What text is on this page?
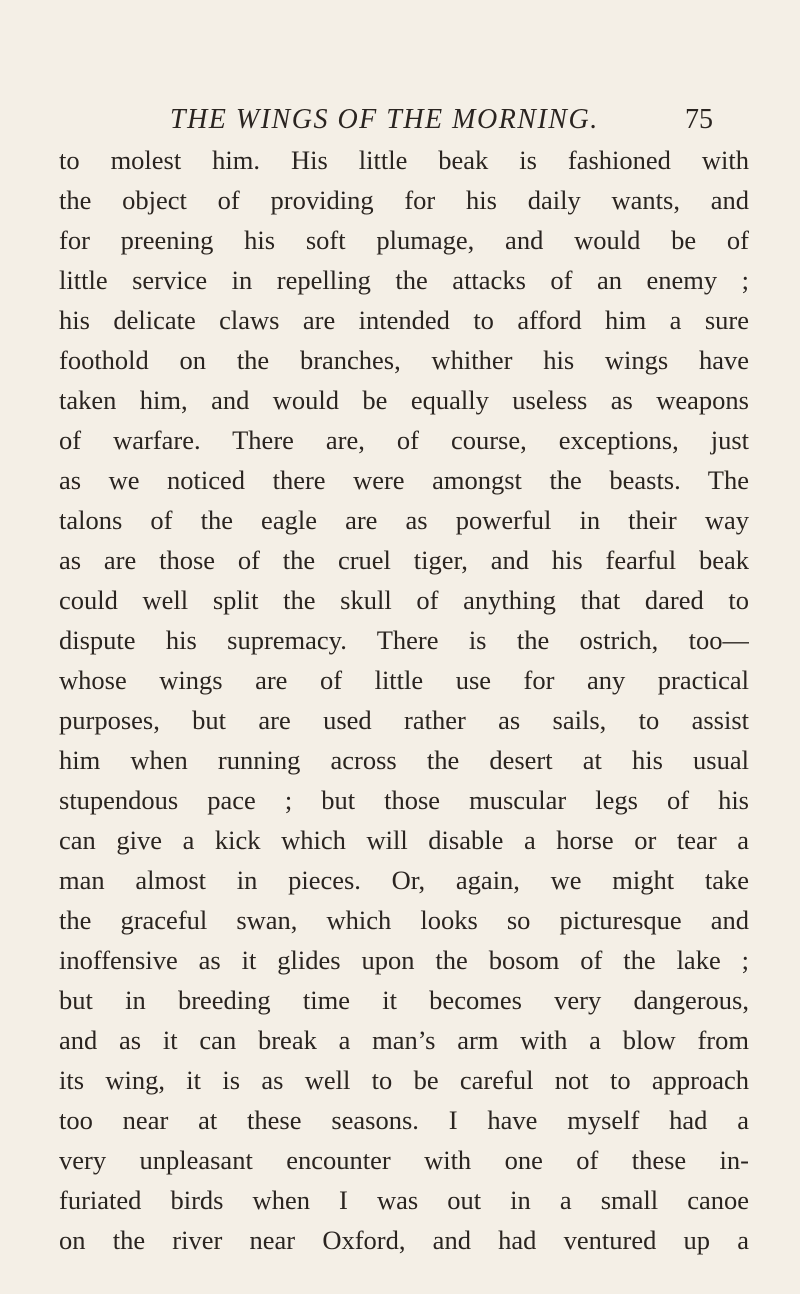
THE WINGS OF THE MORNING.	75
to molest him. His little beak is fashioned with
the object of providing for his daily wants, and
for preening his soft plumage, and would be of
little service in repelling the attacks of an enemy ;
his delicate claws are intended to afford him a sure
foothold on the branches, whither his wings have
taken him, and would be equally useless as weapons
of warfare. There are, of course, exceptions, just
as we noticed there were amongst the beasts. The
talons of the eagle are as powerful in their way
as are those of the cruel tiger, and his fearful beak
could well split the skull of anything that dared to
dispute his supremacy. There is the ostrich, too—
whose wings are of little use for any practical
purposes, but are used rather as sails, to assist
him when running across the desert at his usual
stupendous pace ; but those muscular legs of his
can give a kick which will disable a horse or tear a
man almost in pieces. Or, again, we might take
the graceful swan, which looks so picturesque and
inoffensive as it glides upon the bosom of the lake ;
but in breeding time it becomes very dangerous,
and as it can break a man’s arm with a blow from
its wing, it is as well to be careful not to approach
too near at these seasons. I have myself had a
very unpleasant encounter with one of these in-
furiated birds when I was out in a small canoe
on the river near Oxford, and had ventured up a
